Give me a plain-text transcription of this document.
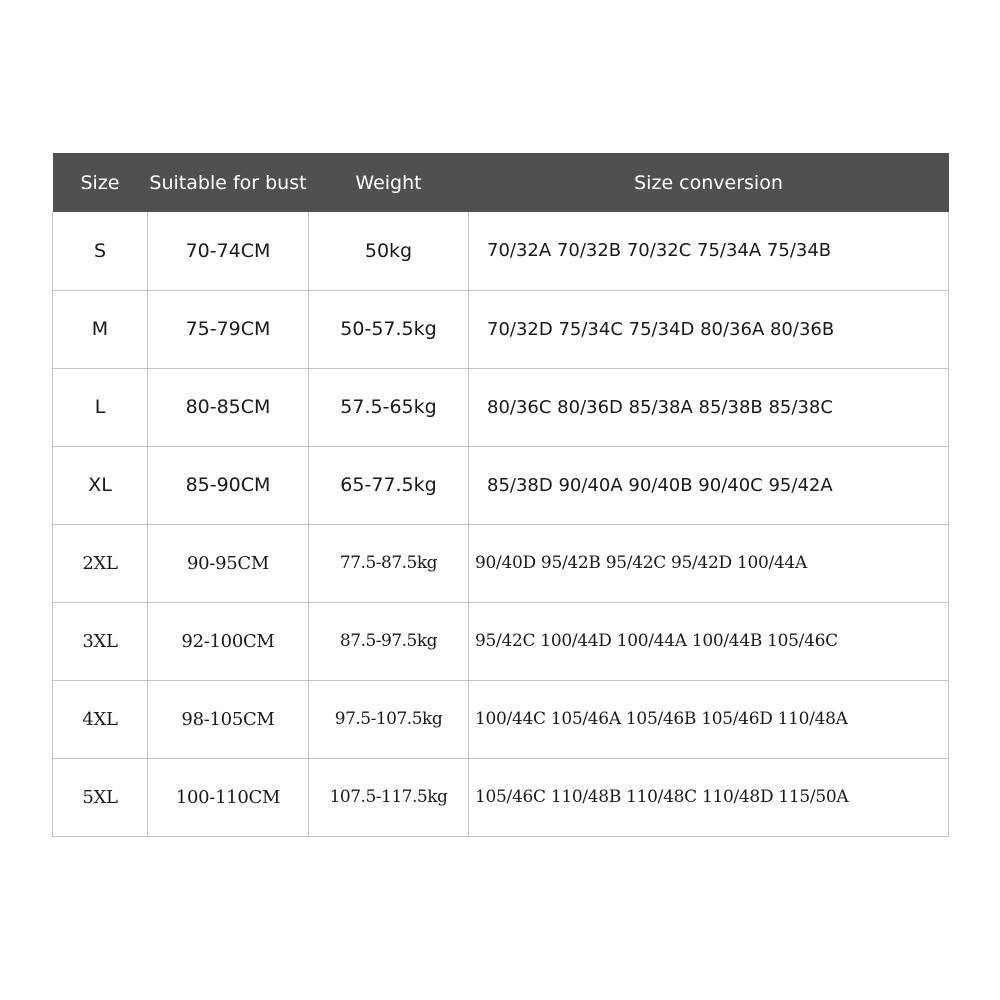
Size	Suitable for bust	Weight	Size conversion
S	70-74CM	50kg	70/32A 70/32B 70/32C 75/34A 75/34B
M	75-79CM	50-57.5kg	70/32D 75/34C 75/34D 80/36A 80/36B
L	80-85CM	57.5-65kg	80/36C 80/36D 85/38A 85/38B 85/38C
XL	85-90CM	65-77.5kg	85/38D 90/40A 90/40B 90/40C 95/42A
2XL	90-95CM	77.5-87.5kg	90/40D 95/42B 95/42C 95/42D 100/44A
3XL	92-100CM	87.5-97.5kg	95/42C 100/44D 100/44A 100/44B 105/46C
4XL	98-105CM	97.5-107.5kg	100/44C 105/46A 105/46B 105/46D 110/48A
5XL	100-110CM	107.5-117.5kg	105/46C 110/48B 110/48C 110/48D 115/50A
